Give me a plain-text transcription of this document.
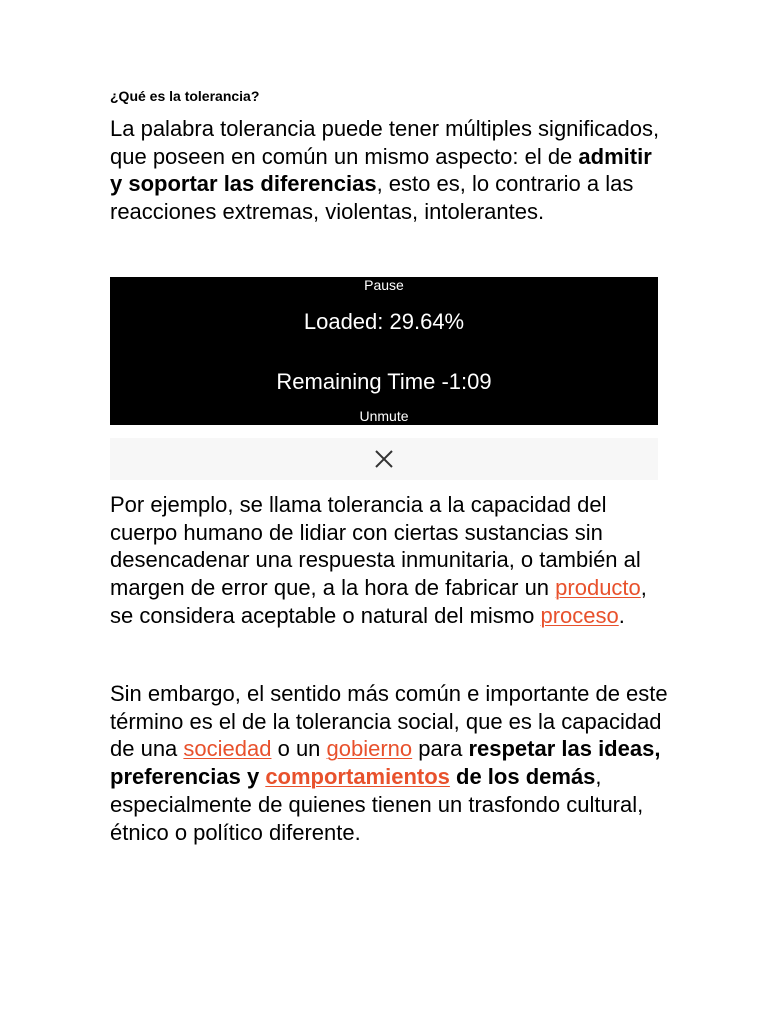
¿Qué es la tolerancia?

La palabra tolerancia puede tener múltiples significados, que poseen en común un mismo aspecto: el de admitir y soportar las diferencias, esto es, lo contrario a las reacciones extremas, violentas, intolerantes.

Pause
Loaded: 29.64%
Remaining Time -1:09
Unmute

Por ejemplo, se llama tolerancia a la capacidad del cuerpo humano de lidiar con ciertas sustancias sin desencadenar una respuesta inmunitaria, o también al margen de error que, a la hora de fabricar un producto, se considera aceptable o natural del mismo proceso.

Sin embargo, el sentido más común e importante de este término es el de la tolerancia social, que es la capacidad de una sociedad o un gobierno para respetar las ideas, preferencias y comportamientos de los demás, especialmente de quienes tienen un trasfondo cultural, étnico o político diferente.
